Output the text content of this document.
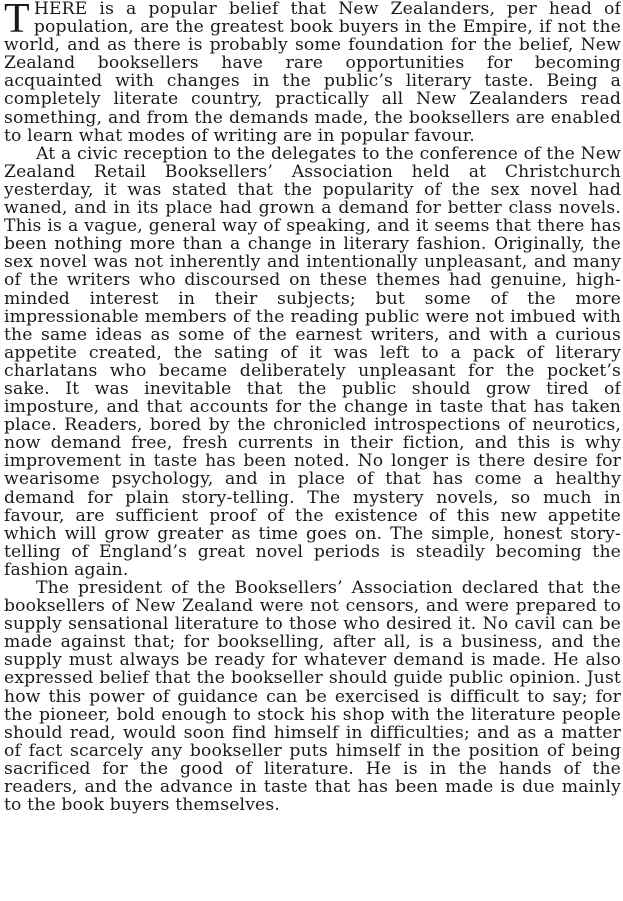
THERE is a popular belief that New Zealanders, per head of population, are the greatest book buyers in the Empire, if not the world, and as there is probably some foundation for the belief, New Zealand booksellers have rare opportunities for becoming acquainted with changes in the public’s literary taste. Being a completely literate country, practically all New Zealanders read something, and from the demands made, the booksellers are enabled to learn what modes of writing are in popular favour.

At a civic reception to the delegates to the conference of the New Zealand Retail Booksellers’ Association held at Christchurch yesterday, it was stated that the popularity of the sex novel had waned, and in its place had grown a demand for better class novels. This is a vague, general way of speaking, and it seems that there has been nothing more than a change in literary fashion. Originally, the sex novel was not inherently and intentionally unpleasant, and many of the writers who discoursed on these themes had genuine, high-minded interest in their subjects; but some of the more impressionable members of the reading public were not imbued with the same ideas as some of the earnest writers, and with a curious appetite created, the sating of it was left to a pack of literary charlatans who became deliberately unpleasant for the pocket’s sake. It was inevitable that the public should grow tired of imposture, and that accounts for the change in taste that has taken place. Readers, bored by the chronicled introspections of neurotics, now demand free, fresh currents in their fiction, and this is why improvement in taste has been noted. No longer is there desire for wearisome psychology, and in place of that has come a healthy demand for plain story-telling. The mystery novels, so much in favour, are sufficient proof of the existence of this new appetite which will grow greater as time goes on. The simple, honest story-telling of England’s great novel periods is steadily becoming the fashion again.

The president of the Booksellers’ Association declared that the booksellers of New Zealand were not censors, and were prepared to supply sensational literature to those who desired it. No cavil can be made against that; for bookselling, after all, is a business, and the supply must always be ready for whatever demand is made. He also expressed belief that the bookseller should guide public opinion. Just how this power of guidance can be exercised is difficult to say; for the pioneer, bold enough to stock his shop with the literature people should read, would soon find himself in difficulties; and as a matter of fact scarcely any bookseller puts himself in the position of being sacrificed for the good of literature. He is in the hands of the readers, and the advance in taste that has been made is due mainly to the book buyers themselves.
